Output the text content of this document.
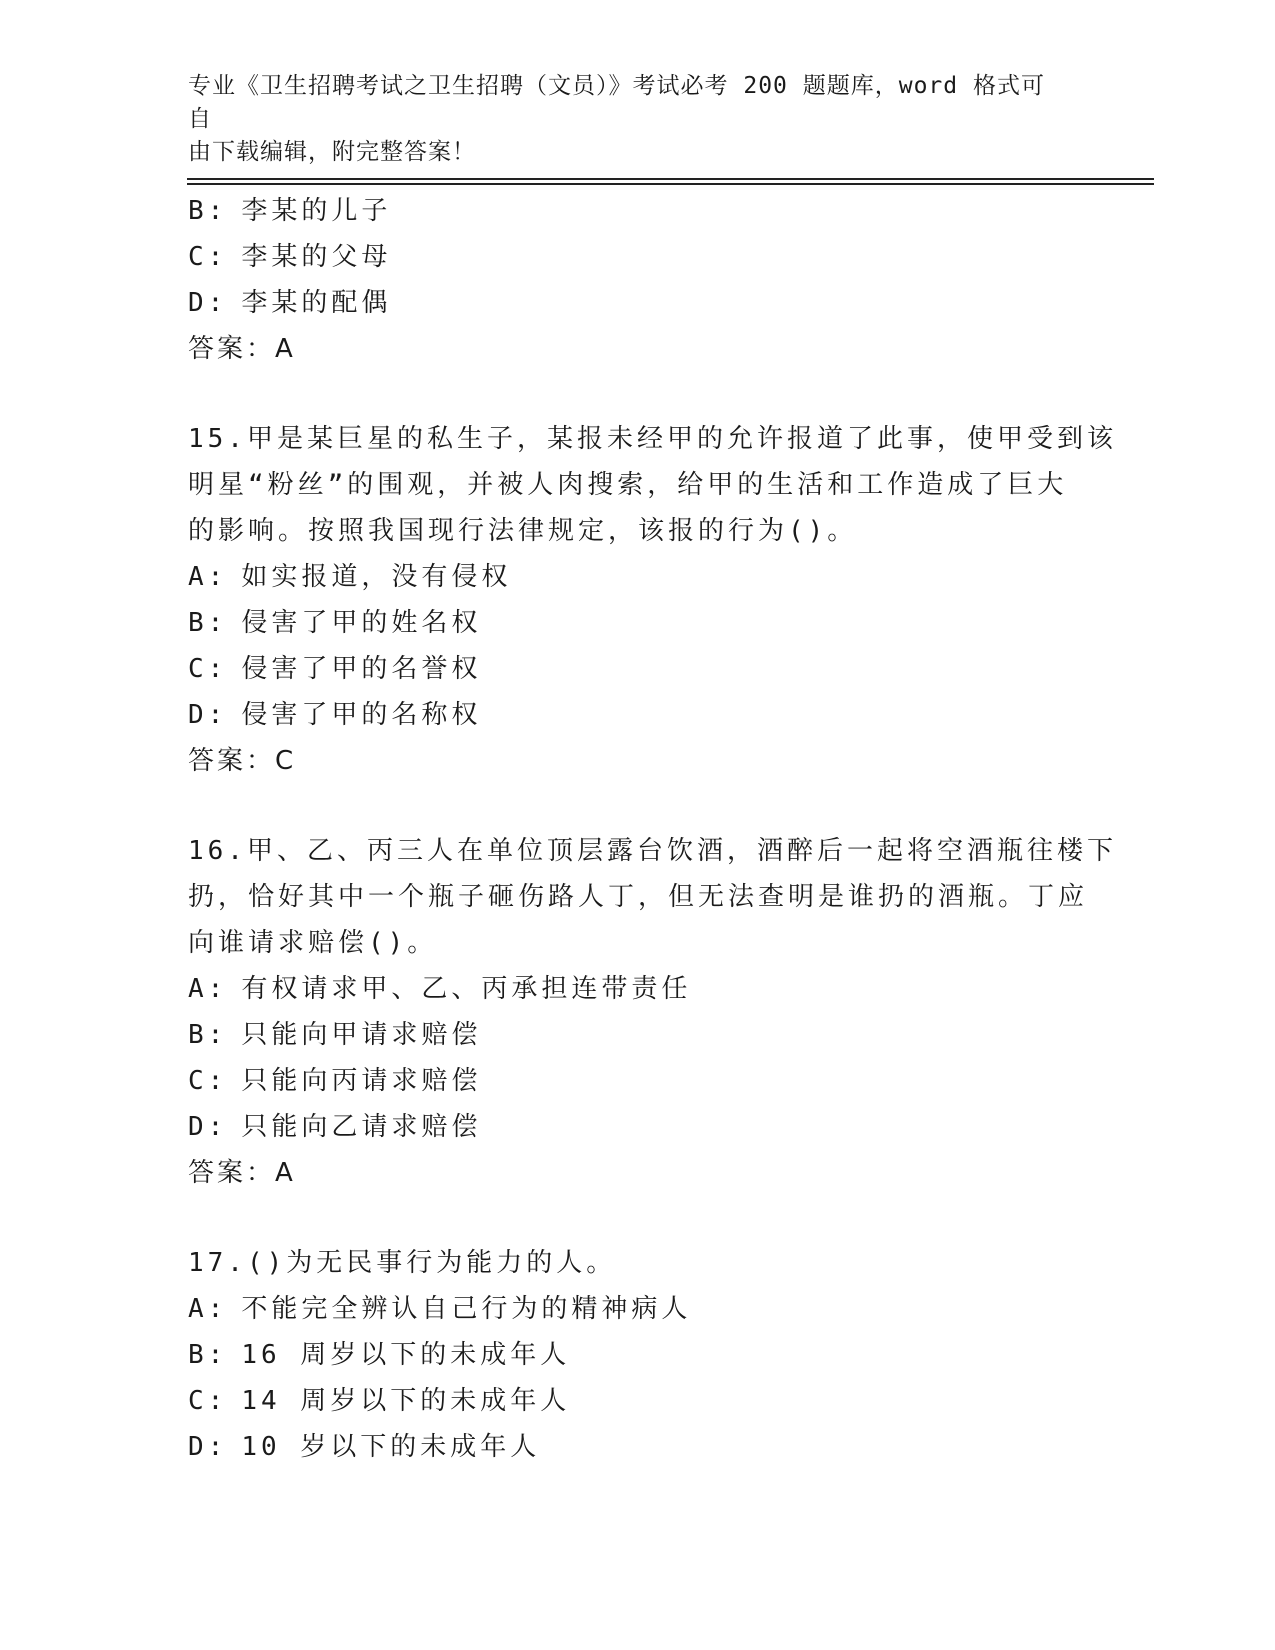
专业《卫生招聘考试之卫生招聘（文员）》考试必考 200 题题库，word 格式可自
由下载编辑，附完整答案！
B: 李某的儿子
C: 李某的父母
D: 李某的配偶
答案：A
15.甲是某巨星的私生子，某报未经甲的允许报道了此事，使甲受到该
明星“粉丝”的围观，并被人肉搜索，给甲的生活和工作造成了巨大
的影响。按照我国现行法律规定，该报的行为()。
A: 如实报道，没有侵权
B: 侵害了甲的姓名权
C: 侵害了甲的名誉权
D: 侵害了甲的名称权
答案：C
16.甲、乙、丙三人在单位顶层露台饮酒，酒醉后一起将空酒瓶往楼下
扔，恰好其中一个瓶子砸伤路人丁，但无法查明是谁扔的酒瓶。丁应
向谁请求赔偿()。
A: 有权请求甲、乙、丙承担连带责任
B: 只能向甲请求赔偿
C: 只能向丙请求赔偿
D: 只能向乙请求赔偿
答案：A
17.()为无民事行为能力的人。
A: 不能完全辨认自己行为的精神病人
B: 16 周岁以下的未成年人
C: 14 周岁以下的未成年人
D: 10 岁以下的未成年人
